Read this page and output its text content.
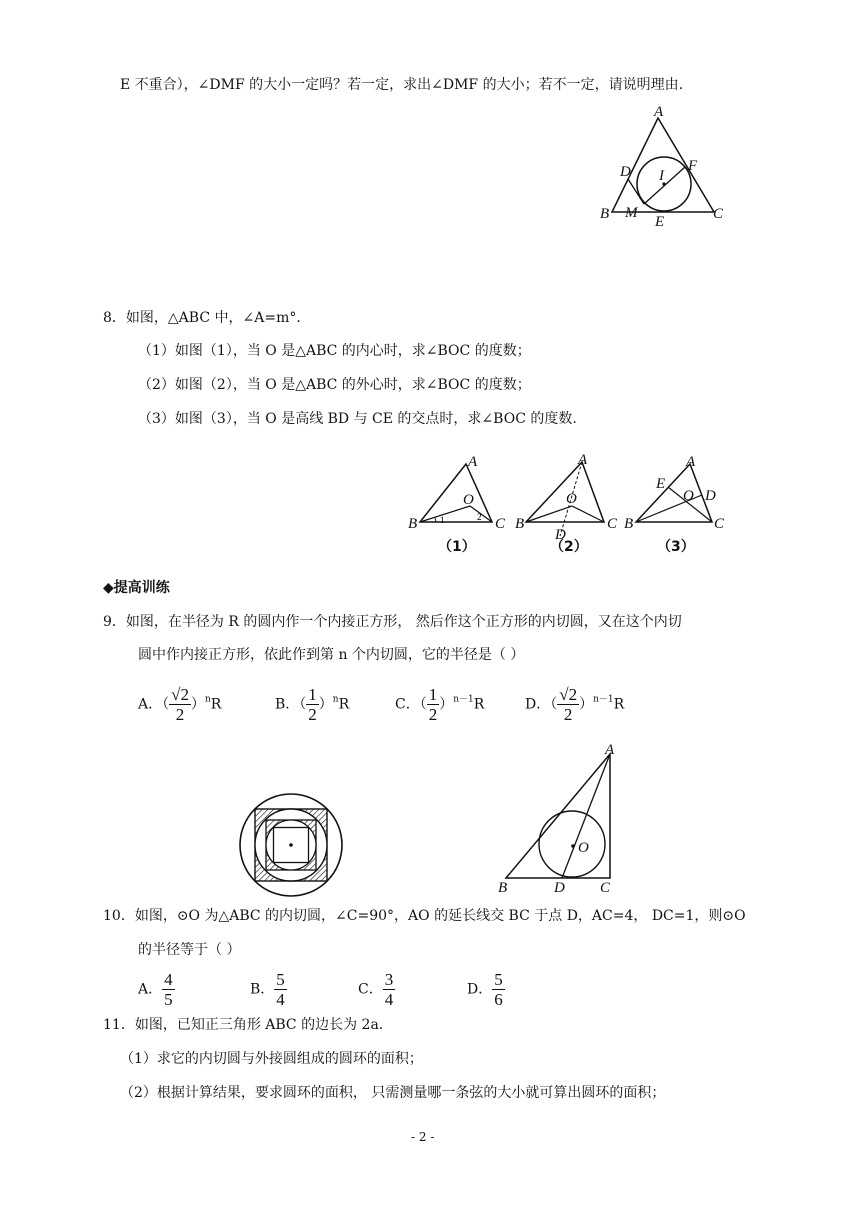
E 不重合），∠DMF 的大小一定吗？若一定，求出∠DMF 的大小；若不一定，请说明理由.
A
B	C
D
E
F
I
M
8．如图，△ABC 中，∠A=m°．
（1）如图（1），当 O 是△ABC 的内心时，求∠BOC 的度数；
（2）如图（2），当 O 是△ABC 的外心时，求∠BOC 的度数；
（3）如图（3），当 O 是高线 BD 与 CE 的交点时，求∠BOC 的度数.
A
B	C
O
1	2
（1）
A
B	C
O
D
（2）
A
B	C
E
D
O
（3）
◆提高训练
9．如图，在半径为 R 的圆内作一个内接正方形， 然后作这个正方形的内切圆，又在这个内切
圆中作内接正方形，依此作到第 n 个内切圆，它的半径是（ ）
A．（ $\frac{√2}{2} )^nR$	B．（ $\frac{1}{2} )^nR$	C．（ $\frac{1}{2} )^{n-1}R$	D．（ $\frac{√2}{2} )^{n-1}R$
A
B	C
D
O
10．如图，⊙O 为△ABC 的内切圆，∠C=90°，AO 的延长线交 BC 于点 D，AC=4， DC=1，则⊙O
的半径等于（ ）
A． $\frac{4}{5}$	B． $\frac{5}{4}$	C． $\frac{3}{4}$	D． $\frac{5}{6}$
11．如图，已知正三角形 ABC 的边长为 2a.
（1）求它的内切圆与外接圆组成的圆环的面积；
（2）根据计算结果，要求圆环的面积， 只需测量哪一条弦的大小就可算出圆环的面积；
- 2 -
